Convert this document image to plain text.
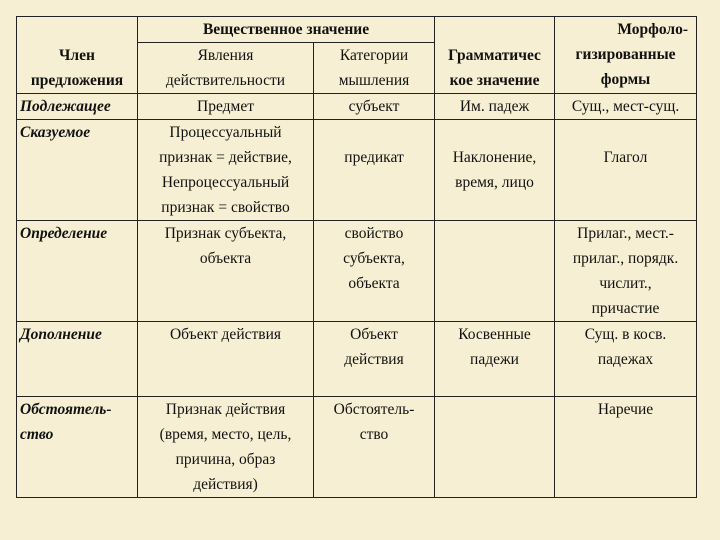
Член
предложения	Вещественное значение		Грамматичес
кое значение	Морфоло-
гизированные
формы

	Явления
действительности	Категории
мышления		

Подлежащее	Предмет	субъект	Им. падеж	Сущ., мест-сущ.

Сказуемое	Процессуальный
признак = действие,
Непроцессуальный
признак = свойство	предикат	Наклонение,
время, лицо	Глагол

Определение	Признак субъекта,
объекта	свойство
субъекта,
объекта		Прилаг., мест.-
прилаг., порядк.
числит.,
причастие

Дополнение	Объект действия	Объект
действия	Косвенные
падежи	Сущ. в косв.
падежах

Обстоятель-
ство	Признак действия
(время, место, цель,
причина, образ
действия)	Обстоятель-
ство		Наречие
